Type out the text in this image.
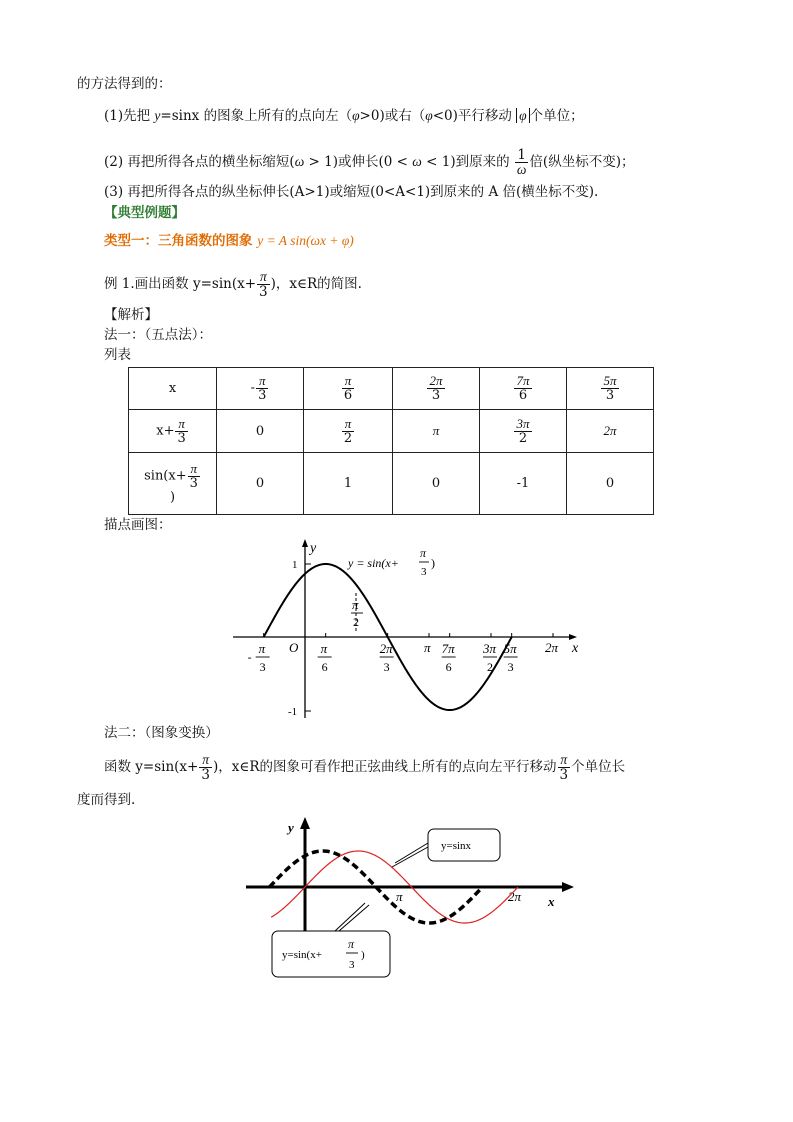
的方法得到的：
(1)先把 y=sinx 的图象上所有的点向左（φ>0)或右（φ<0)平行移动 φ 个单位；
(2) 再把所得各点的横坐标缩短(ω > 1)或伸长(0 < ω < 1)到原来的 $\frac{1}{\omega}$ 倍(纵坐标不变)；
(3) 再把所得各点的纵坐标伸长(A>1)或缩短(0<A<1)到原来的 A 倍(横坐标不变).
【典型例题】
类型一：三角函数的图象 y = A sin(ωx + φ)
例 1.画出函数 $y=\sin(x+ \frac{\pi}{3}$ )，x∈R的简图.
【解析】
法一：（五点法）：
列表
x	- $\frac{\pi}{3}$	$\frac{\pi}{6}$	$\frac{2\pi}{3}$	$\frac{7\pi}{6}$	$\frac{5\pi}{3}$

$x+ \frac{\pi}{3}$	0	$\frac{\pi}{2}$	π	$\frac{3\pi}{2}$	2π
$\sin(x+ \frac{\pi}{3}$

)	0	1	0	-1	0
描点画图：
y
x
O
1
-1
π
2
y = sin(x+
π
3
)
-
π
3
π
6
2π
3
π 7π
6
3π
2
5π
3
2π
法二：（图象变换）
函数 $y=\sin(x+ \frac{\pi}{3}$ )，x∈R的图象可看作把正弦曲线上所有的点向左平行移动 $\frac{\pi}{3}$ 个单位长
度而得到.
y
x
π	2π
y=sinx
y=sin(x+
π
3
)
